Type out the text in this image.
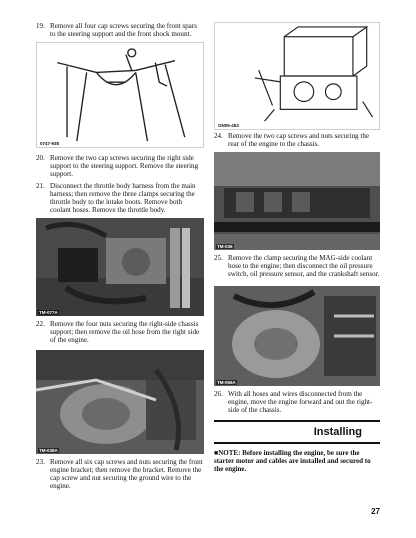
19. Remove all four cap screws securing the front spars to the steering support and the front shock mount.
0747-938
20. Remove the two cap screws securing the right side support to the steering support. Remove the steering support.
21. Disconnect the throttle body harness from the main harness; then remove the three clamps securing the throttle body to the intake boots. Remove both coolant hoses. Remove the throttle body.
TM-077A
22. Remove the four nuts securing the right-side chassis support; then remove the oil hose from the right side of the engine.
TM-038A
23. Remove all six cap screws and nuts securing the front engine bracket; then remove the bracket. Remove the cap screw and nut securing the ground wire to the engine.
GN05-453
24. Remove the two cap screws and nuts securing the rear of the engine to the chassis.
TM-036
25. Remove the clamp securing the MAG-side coolant hose to the engine; then disconnect the oil pressure switch, oil pressure sensor, and the crankshaft sensor.
TM-056A
26. With all hoses and wires disconnected from the engine, move the engine forward and out the right-side of the chassis.
Installing
■NOTE: Before installing the engine, be sure the starter motor and cables are installed and secured to the engine.
27
